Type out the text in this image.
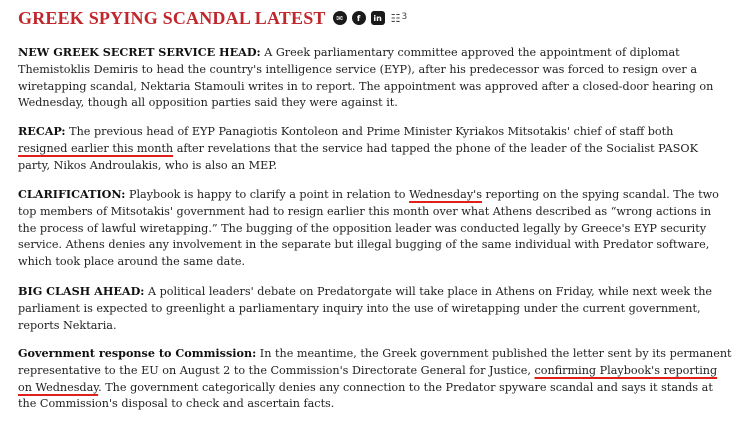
GREEK SPYING SCANDAL LATEST	✉	f	in ☷ 3

NEW GREEK SECRET SERVICE HEAD: A Greek parliamentary committee approved the appointment of diplomat
Themistoklis Demiris to head the country's intelligence service (EYP), after his predecessor was forced to resign over a
wiretapping scandal, Nektaria Stamouli writes in to report. The appointment was approved after a closed-door hearing on
Wednesday, though all opposition parties said they were against it.

RECAP: The previous head of EYP Panagiotis Kontoleon and Prime Minister Kyriakos Mitsotakis' chief of staff both
resigned earlier this month after revelations that the service had tapped the phone of the leader of the Socialist PASOK
party, Nikos Androulakis, who is also an MEP.

CLARIFICATION: Playbook is happy to clarify a point in relation to Wednesday's reporting on the spying scandal. The two
top members of Mitsotakis' government had to resign earlier this month over what Athens described as “wrong actions in
the process of lawful wiretapping.” The bugging of the opposition leader was conducted legally by Greece's EYP security
service. Athens denies any involvement in the separate but illegal bugging of the same individual with Predator software,
which took place around the same date.

BIG CLASH AHEAD: A political leaders' debate on Predatorgate will take place in Athens on Friday, while next week the
parliament is expected to greenlight a parliamentary inquiry into the use of wiretapping under the current government,
reports Nektaria.

Government response to Commission: In the meantime, the Greek government published the letter sent by its permanent
representative to the EU on August 2 to the Commission's Directorate General for Justice, confirming Playbook's reporting
on Wednesday. The government categorically denies any connection to the Predator spyware scandal and says it stands at
the Commission's disposal to check and ascertain facts.
